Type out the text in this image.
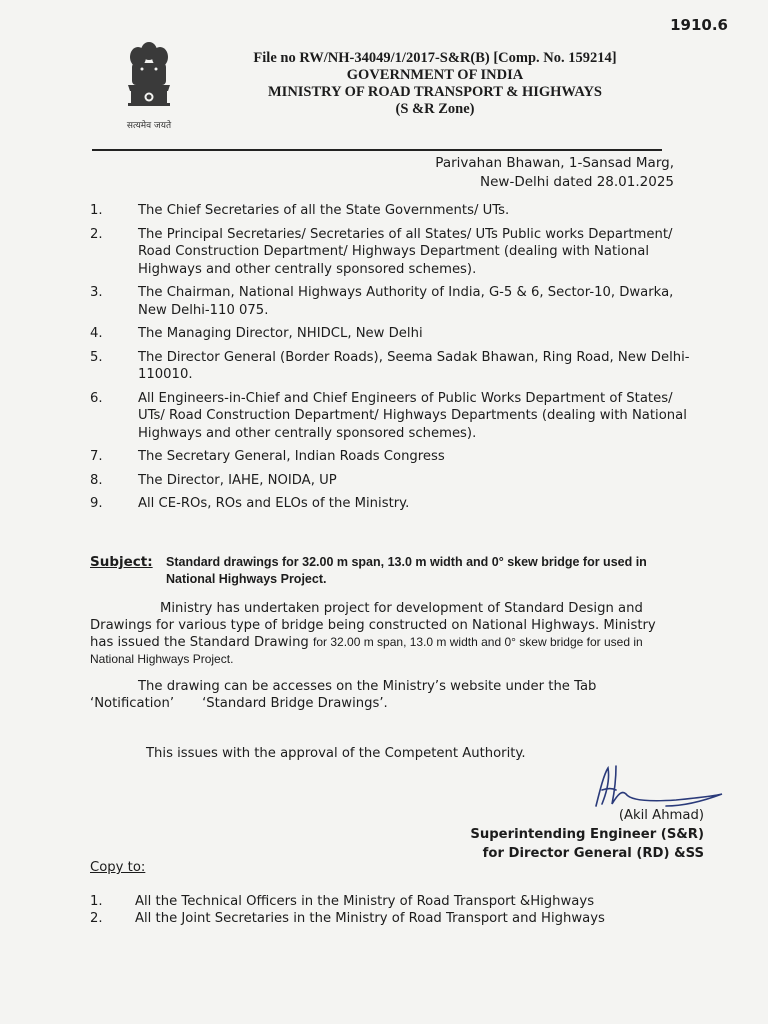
1910.6
सत्यमेव जयते
File no RW/NH-34049/1/2017-S&R(B) [Comp. No. 159214]
GOVERNMENT OF INDIA
MINISTRY OF ROAD TRANSPORT & HIGHWAYS
(S &R Zone)
Parivahan Bhawan, 1-Sansad Marg,
New-Delhi dated 28.01.2025
1.	The Chief Secretaries of all the State Governments/ UTs.
2.	The Principal Secretaries/ Secretaries of all States/ UTs Public works Department/ Road Construction Department/ Highways Department (dealing with National Highways and other centrally sponsored schemes).
3.	The Chairman, National Highways Authority of India, G-5 & 6, Sector-10, Dwarka, New Delhi-110 075.
4.	The Managing Director, NHIDCL, New Delhi
5.	The Director General (Border Roads), Seema Sadak Bhawan, Ring Road, New Delhi- 110010.
6.	All Engineers-in-Chief and Chief Engineers of Public Works Department of States/ UTs/ Road Construction Department/ Highways Departments (dealing with National Highways and other centrally sponsored schemes).
7.	The Secretary General, Indian Roads Congress
8.	The Director, IAHE, NOIDA, UP
9.	All CE-ROs, ROs and ELOs of the Ministry.
Subject:	Standard drawings for 32.00 m span, 13.0 m width and 0° skew bridge for used in National Highways Project.
Ministry has undertaken project for development of Standard Design and Drawings for various type of bridge being constructed on National Highways. Ministry has issued the Standard Drawing for 32.00 m span, 13.0 m width and 0° skew bridge for used in National Highways Project.
The drawing can be accesses on the Ministry’s website under the Tab
‘Notification’ ‘Standard Bridge Drawings’.
This issues with the approval of the Competent Authority.
(Akil Ahmad)
Superintending Engineer (S&R)
for Director General (RD) &SS
Copy to:
1.	All the Technical Officers in the Ministry of Road Transport &Highways
2.	All the Joint Secretaries in the Ministry of Road Transport and Highways
